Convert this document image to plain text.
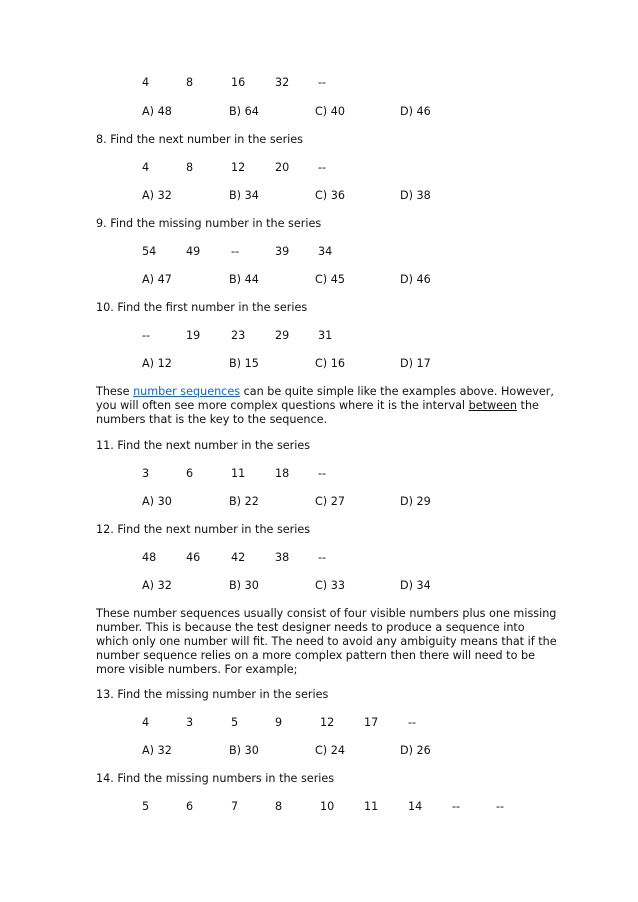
4	8	16	32	--
A) 48	B) 64	C) 40	D) 46
8. Find the next number in the series
4	8	12	20	--
A) 32	B) 34	C) 36	D) 38
9. Find the missing number in the series
54	49	--	39	34
A) 47	B) 44	C) 45	D) 46
10. Find the first number in the series
--	19	23	29	31
A) 12	B) 15	C) 16	D) 17
These number sequences can be quite simple like the examples above. However,
you will often see more complex questions where it is the interval between the
numbers that is the key to the sequence.
11. Find the next number in the series
3	6	11	18	--
A) 30	B) 22	C) 27	D) 29
12. Find the next number in the series
48	46	42	38	--
A) 32	B) 30	C) 33	D) 34
These number sequences usually consist of four visible numbers plus one missing
number. This is because the test designer needs to produce a sequence into
which only one number will fit. The need to avoid any ambiguity means that if the
number sequence relies on a more complex pattern then there will need to be
more visible numbers. For example;
13. Find the missing number in the series
4	3	5	9	12	17	--
A) 32	B) 30	C) 24	D) 26
14. Find the missing numbers in the series
5	6	7	8	10	11	14	--	--
